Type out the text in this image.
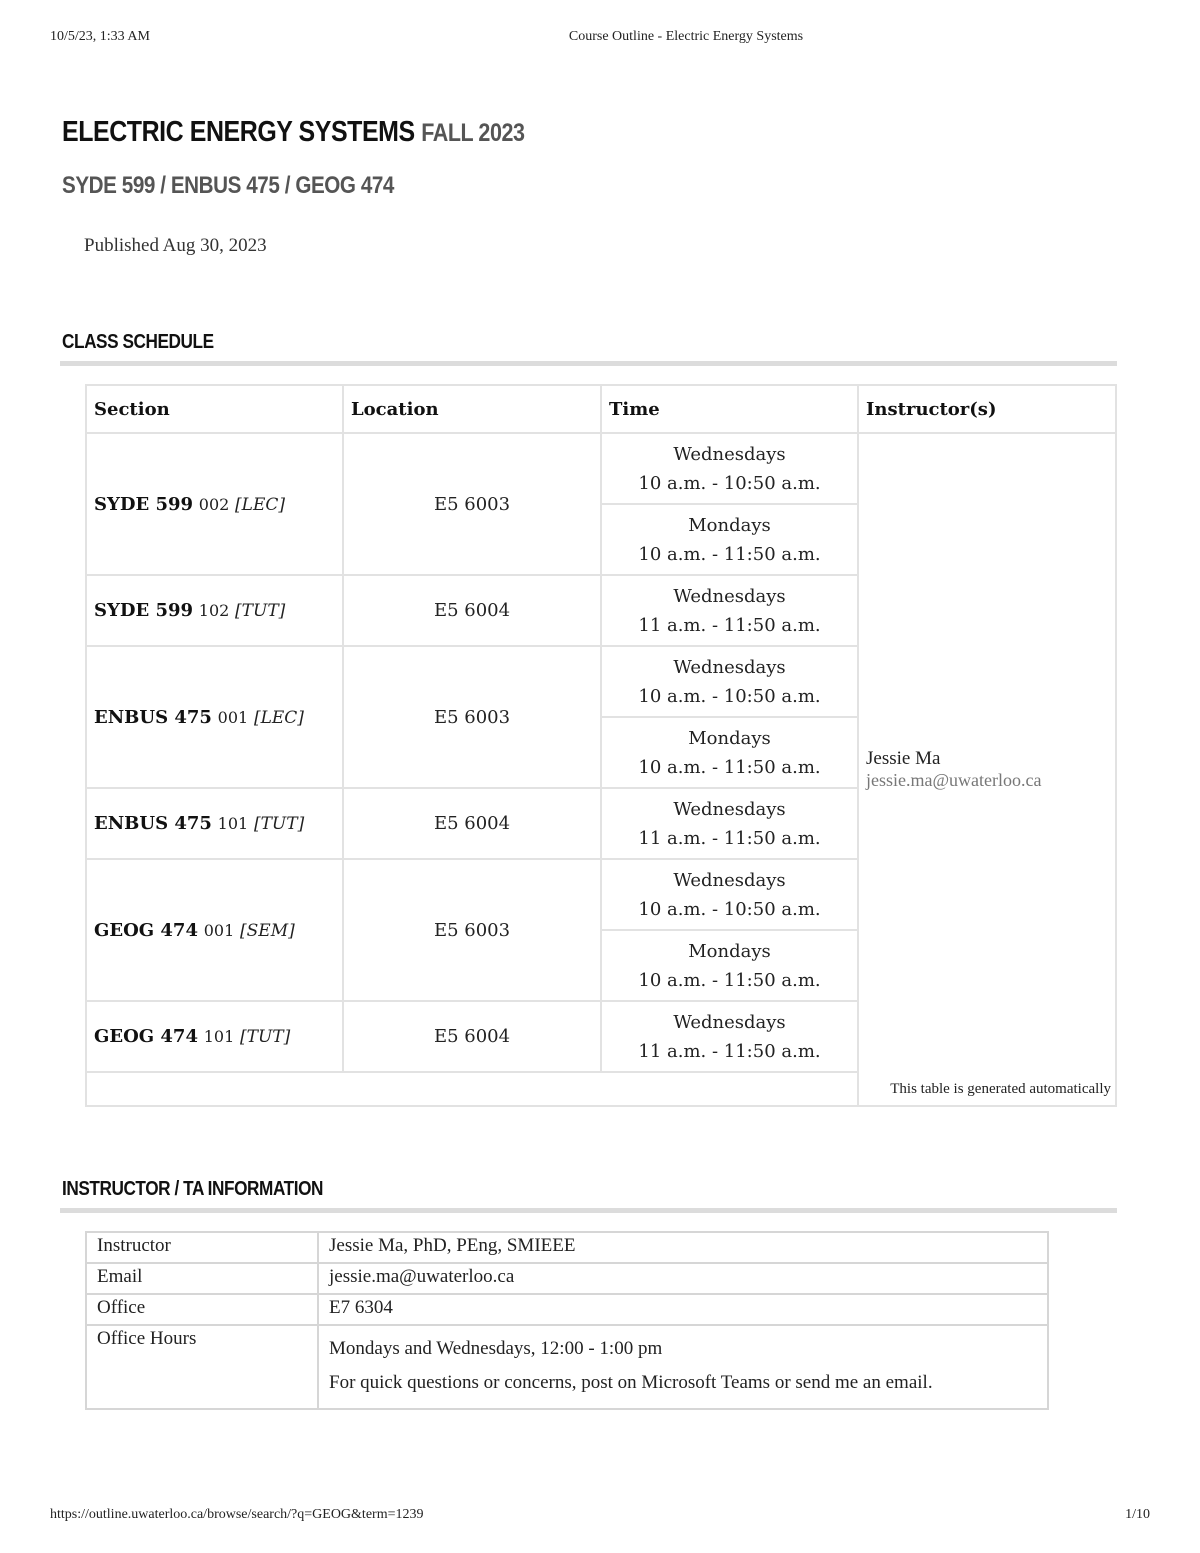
10/5/23, 1:33 AM	Course Outline - Electric Energy Systems
ELECTRIC ENERGY SYSTEMS FALL 2023
SYDE 599 / ENBUS 475 / GEOG 474
Published Aug 30, 2023
CLASS SCHEDULE
Section	Location	Time	Instructor(s)
SYDE 599 002 [LEC]	E5 6003	Wednesdays
10 a.m. - 10:50 a.m.	Jessie Ma
jessie.ma@uwaterloo.ca

		Mondays
10 a.m. - 11:50 a.m.	
SYDE 599 102 [TUT]	E5 6004	Wednesdays
11 a.m. - 11:50 a.m.	
ENBUS 475 001 [LEC]	E5 6003	Wednesdays
10 a.m. - 10:50 a.m.	
		Mondays
10 a.m. - 11:50 a.m.	
ENBUS 475 101 [TUT]	E5 6004	Wednesdays
11 a.m. - 11:50 a.m.	
GEOG 474 001 [SEM]	E5 6003	Wednesdays
10 a.m. - 10:50 a.m.	
		Mondays
10 a.m. - 11:50 a.m.	
GEOG 474 101 [TUT]	E5 6004	Wednesdays
11 a.m. - 11:50 a.m.	
This table is generated automatically			
INSTRUCTOR / TA INFORMATION
Instructor	Jessie Ma, PhD, PEng, SMIEEE
Email	jessie.ma@uwaterloo.ca
Office	E7 6304
Office Hours	Mondays and Wednesdays, 12:00 - 1:00 pm

For quick questions or concerns, post on Microsoft Teams or send me an email.

https://outline.uwaterloo.ca/browse/search/?q=GEOG&term=1239	1/10
